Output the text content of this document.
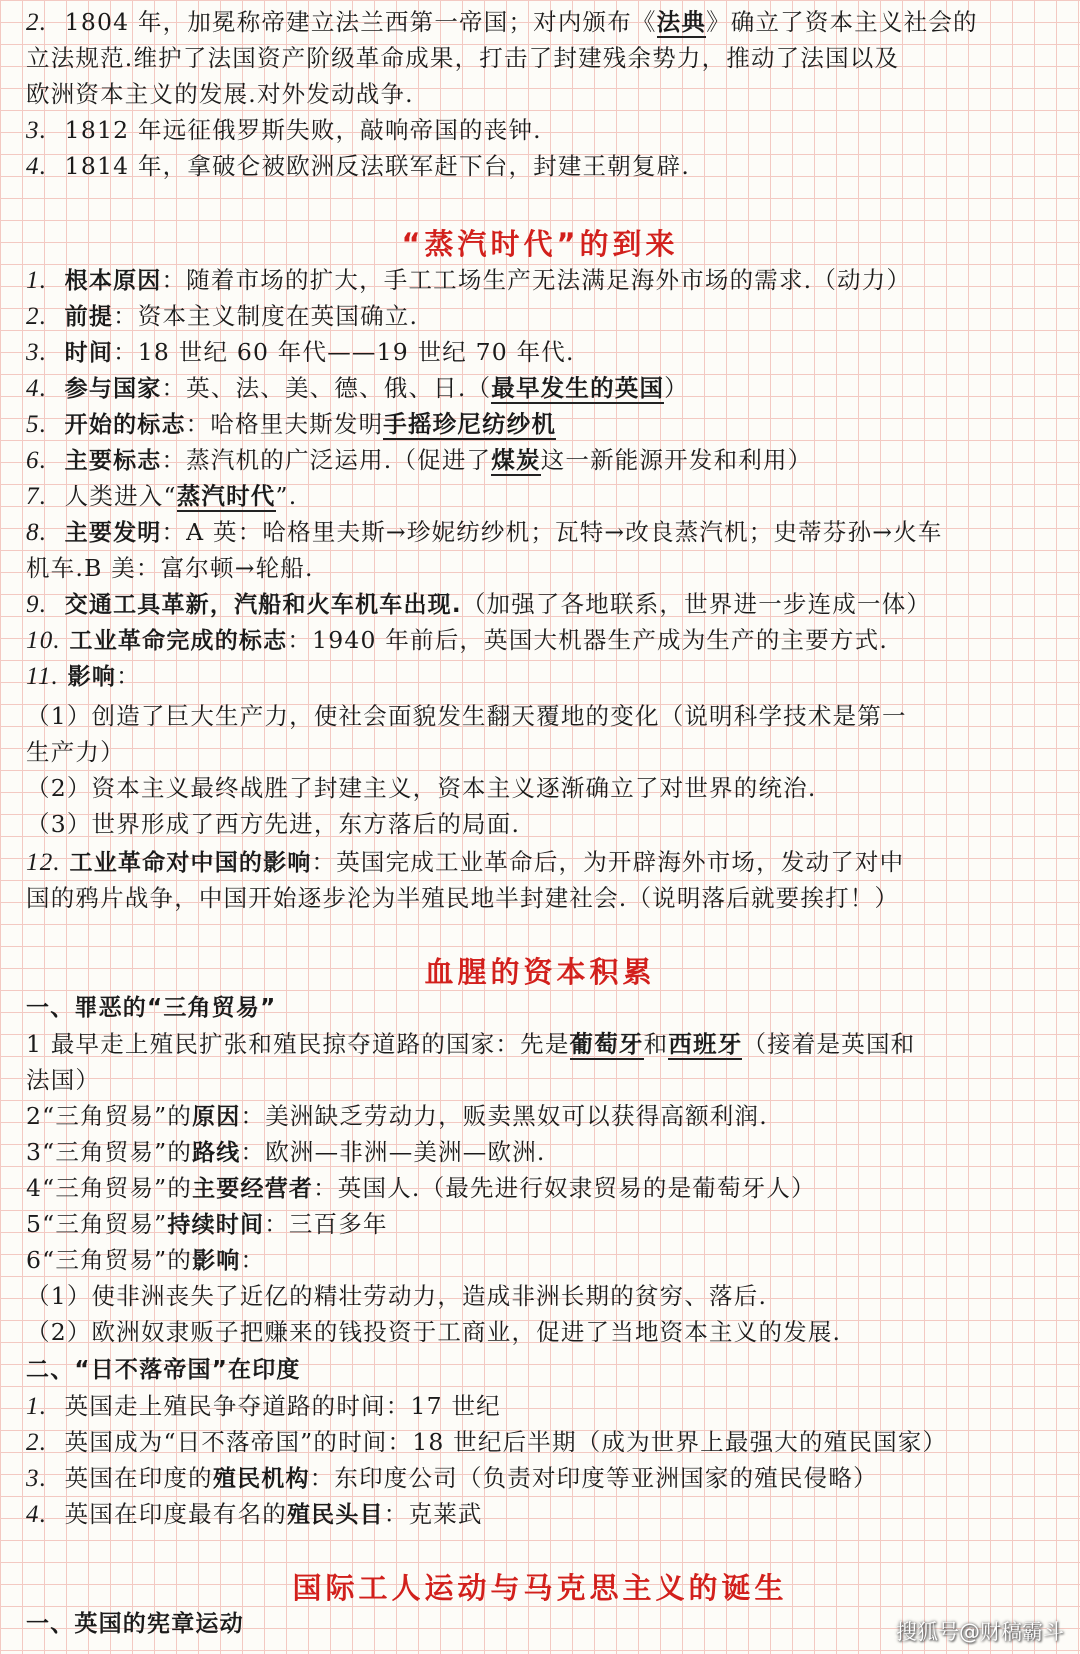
2. 1804 年，加冕称帝建立法兰西第一帝国；对内颁布《法典》确立了资本主义社会的
立法规范.维护了法国资产阶级革命成果，打击了封建残余势力，推动了法国以及
欧洲资本主义的发展.对外发动战争.
3. 1812 年远征俄罗斯失败，敲响帝国的丧钟.
4. 1814 年，拿破仑被欧洲反法联军赶下台，封建王朝复辟.
“蒸汽时代”的到来
1. 根本原因：随着市场的扩大，手工工场生产无法满足海外市场的需求.（动力）
2. 前提：资本主义制度在英国确立.
3. 时间：18 世纪 60 年代——19 世纪 70 年代.
4. 参与国家：英、法、美、德、俄、日.（最早发生的英国）
5. 开始的标志：哈格里夫斯发明手摇珍尼纺纱机
6. 主要标志：蒸汽机的广泛运用.（促进了煤炭这一新能源开发和利用）
7. 人类进入“蒸汽时代”.
8. 主要发明：A 英：哈格里夫斯→珍妮纺纱机；瓦特→改良蒸汽机；史蒂芬孙→火车
机车.B 美：富尔顿→轮船.
9. 交通工具革新，汽船和火车机车出现.（加强了各地联系，世界进一步连成一体）
10. 工业革命完成的标志：1940 年前后，英国大机器生产成为生产的主要方式.
11. 影响：
（1）创造了巨大生产力，使社会面貌发生翻天覆地的变化（说明科学技术是第一
生产力）
（2）资本主义最终战胜了封建主义，资本主义逐渐确立了对世界的统治.
（3）世界形成了西方先进，东方落后的局面.
12. 工业革命对中国的影响：英国完成工业革命后，为开辟海外市场，发动了对中
国的鸦片战争，中国开始逐步沦为半殖民地半封建社会.（说明落后就要挨打！）
血腥的资本积累
一、罪恶的“三角贸易”
1 最早走上殖民扩张和殖民掠夺道路的国家：先是葡萄牙和西班牙（接着是英国和
法国）
2“三角贸易”的原因：美洲缺乏劳动力，贩卖黑奴可以获得高额利润.
3“三角贸易”的路线：欧洲—非洲—美洲—欧洲.
4“三角贸易”的主要经营者：英国人.（最先进行奴隶贸易的是葡萄牙人）
5“三角贸易”持续时间：三百多年
6“三角贸易”的影响：
（1）使非洲丧失了近亿的精壮劳动力，造成非洲长期的贫穷、落后.
（2）欧洲奴隶贩子把赚来的钱投资于工商业，促进了当地资本主义的发展.
二、“日不落帝国”在印度
1. 英国走上殖民争夺道路的时间：17 世纪
2. 英国成为“日不落帝国”的时间：18 世纪后半期（成为世界上最强大的殖民国家）
3. 英国在印度的殖民机构：东印度公司（负责对印度等亚洲国家的殖民侵略）
4. 英国在印度最有名的殖民头目：克莱武
国际工人运动与马克思主义的诞生
一、英国的宪章运动	搜狐号@财稿霸斗
